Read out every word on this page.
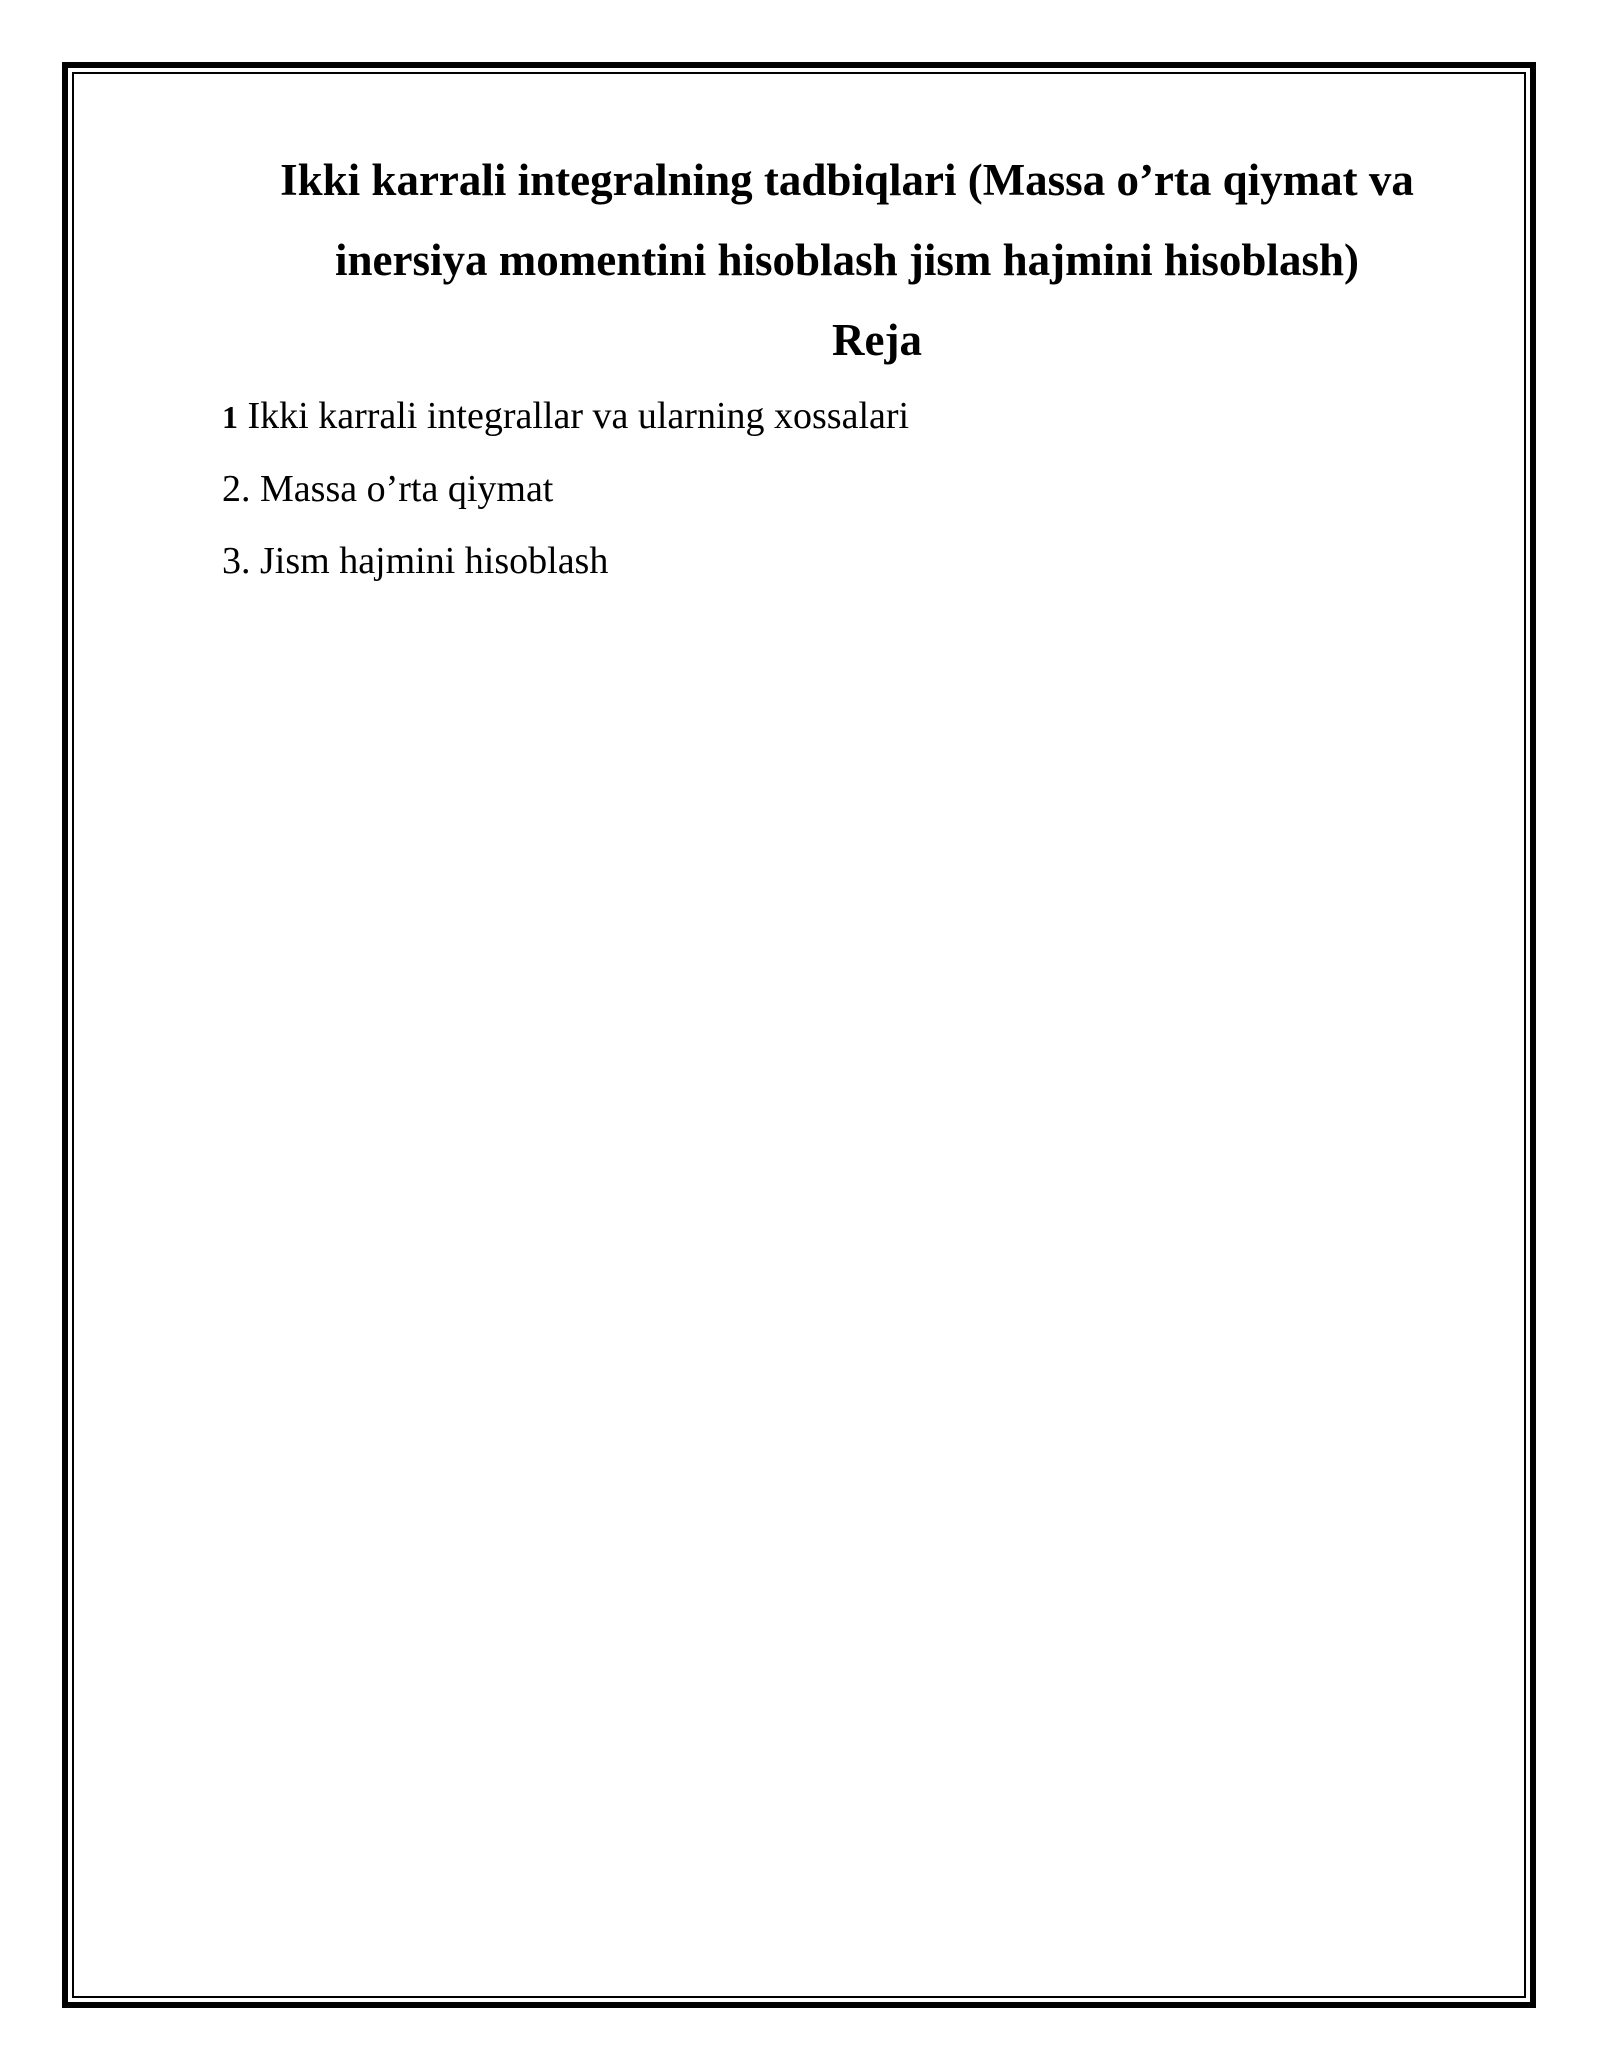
Ikki karrali integralning tadbiqlari (Massa o’rta qiymat va inersiya momentini hisoblash jism hajmini hisoblash)
Reja
1 Ikki karrali integrallar va ularning xossalari
2. Massa o’rta qiymat
3. Jism hajmini hisoblash
